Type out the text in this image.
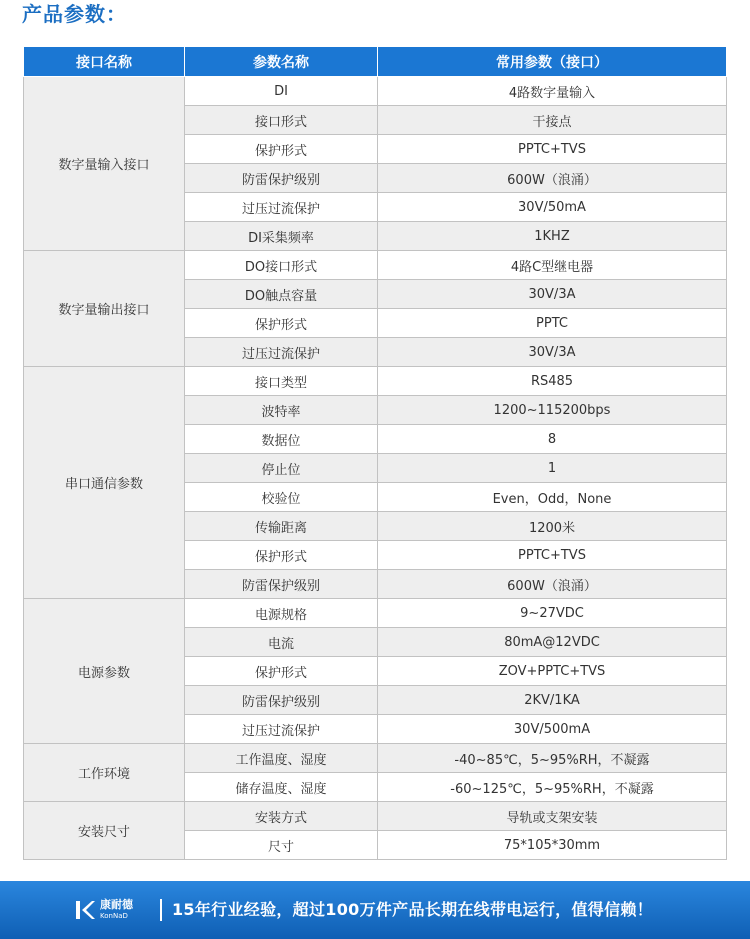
产品参数：
接口名称	参数名称	常用参数（接口）
数字量输入接口	DI	4路数字量输入
	接口形式	干接点
	保护形式	PPTC+TVS
	防雷保护级别	600W（浪涌）
	过压过流保护	30V/50mA
	DI采集频率	1KHZ
数字量输出接口	DO接口形式	4路C型继电器
	DO触点容量	30V/3A
	保护形式	PPTC
	过压过流保护	30V/3A
串口通信参数	接口类型	RS485
	波特率	1200~115200bps
	数据位	8
	停止位	1
	校验位	Even，Odd，None
	传输距离	1200米
	保护形式	PPTC+TVS
	防雷保护级别	600W（浪涌）
电源参数	电源规格	9~27VDC
	电流	80mA@12VDC
	保护形式	ZOV+PPTC+TVS
	防雷保护级别	2KV/1KA
	过压过流保护	30V/500mA
工作环境	工作温度、湿度	-40~85℃，5~95%RH，不凝露
	储存温度、湿度	-60~125℃，5~95%RH，不凝露
安装尺寸	安装方式	导轨或支架安装
	尺寸	75*105*30mm
康耐德
KonNaD	15年行业经验，超过100万件产品长期在线带电运行，值得信赖！
